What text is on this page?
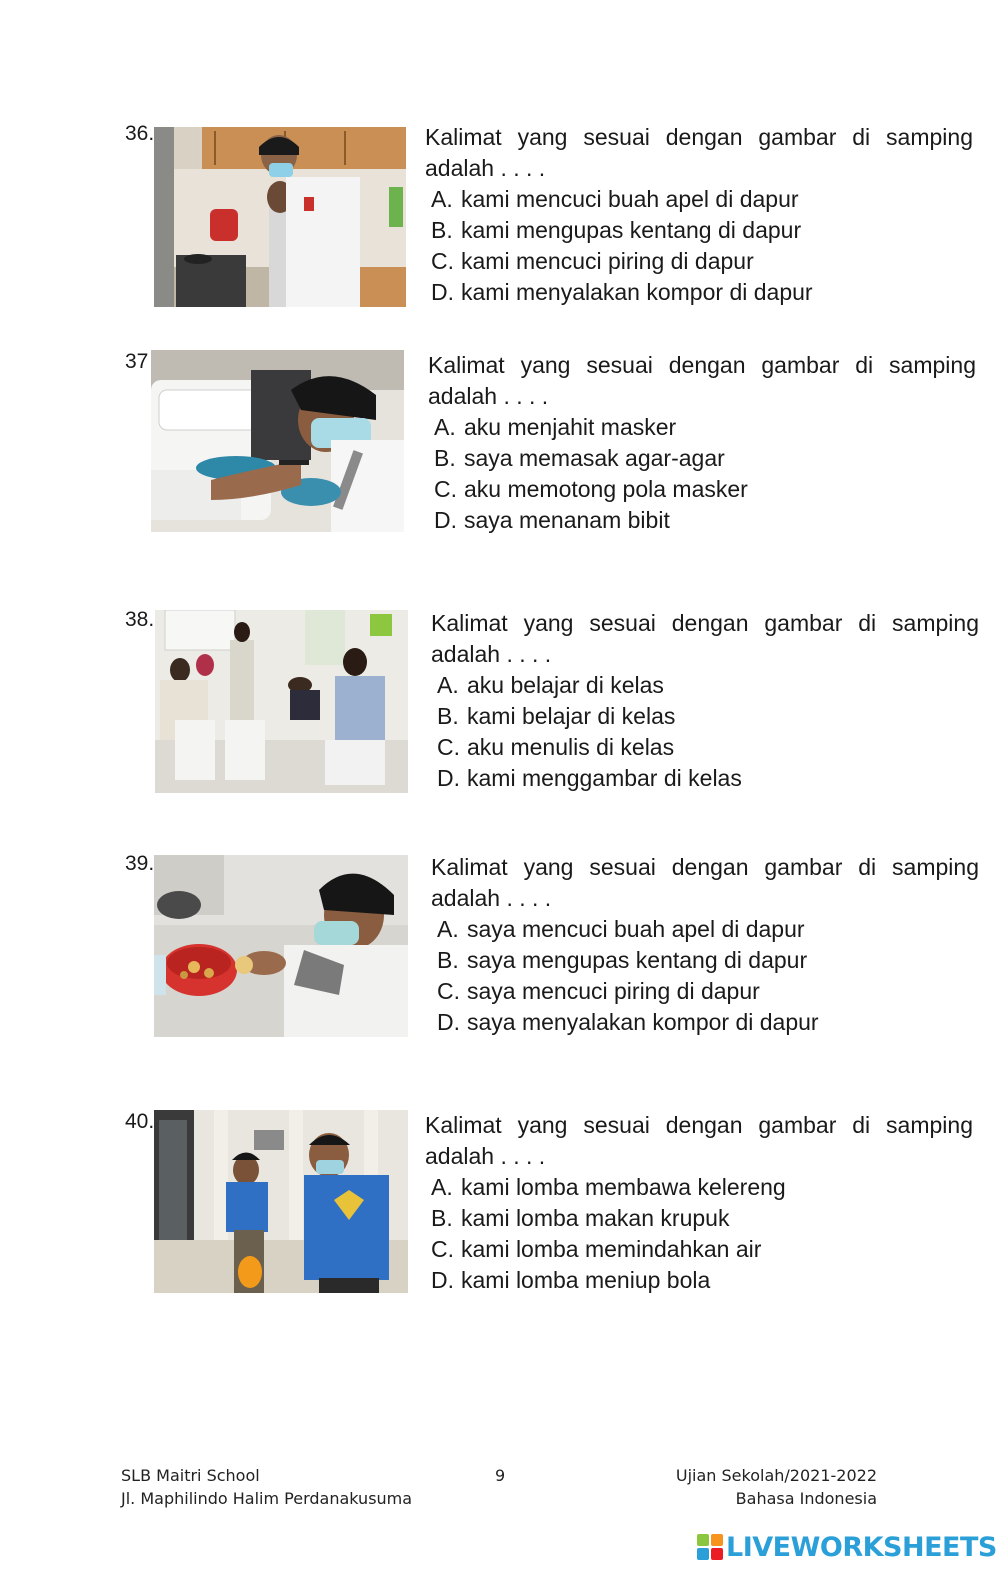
36.	Kalimat yang sesuai dengan gambar di samping
adalah . . . .
A. kami mencuci buah apel di dapur
B. kami mengupas kentang di dapur
C. kami mencuci piring di dapur
D. kami menyalakan kompor di dapur
37	Kalimat yang sesuai dengan gambar di samping
adalah . . . .
A. aku menjahit masker
B. saya memasak agar-agar
C. aku memotong pola masker
D. saya menanam bibit
38.	Kalimat yang sesuai dengan gambar di samping
adalah . . . .
A. aku belajar di kelas
B. kami belajar di kelas
C. aku menulis di kelas
D. kami menggambar di kelas
39.	Kalimat yang sesuai dengan gambar di samping
adalah . . . .
A. saya mencuci buah apel di dapur
B. saya mengupas kentang di dapur
C. saya mencuci piring di dapur
D. saya menyalakan kompor di dapur
40.	Kalimat yang sesuai dengan gambar di samping
adalah . . . .
A. kami lomba membawa kelereng
B. kami lomba makan krupuk
C. kami lomba memindahkan air
D. kami lomba meniup bola
SLB Maitri School
Jl. Maphilindo Halim Perdanakusuma
9	Ujian Sekolah/2021-2022
Bahasa Indonesia
LIVEWORKSHEETS
